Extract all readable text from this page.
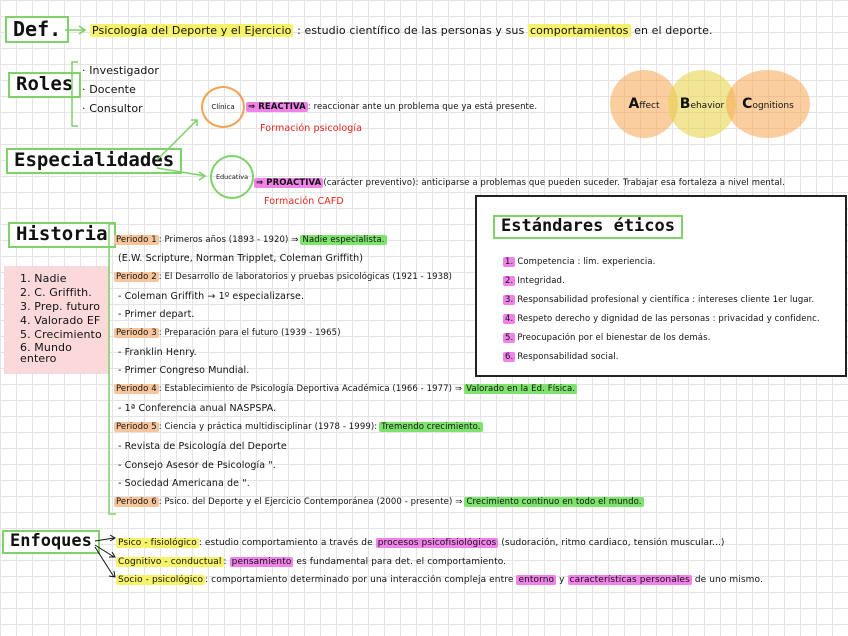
Def.	Psicología del Deporte y el Ejercicio : estudio científico de las personas y sus comportamientos en el deporte.
Roles
· Investigador
· Docente
· Consultor
Especialidades
Clínica	⇒ REACTIVA : reaccionar ante un problema que ya está presente.
Formación psicología
Educativa
⇒ PROACTIVA (carácter preventivo): anticiparse a problemas que pueden suceder. Trabajar esa fortaleza a nivel mental.
Formación CAFD
Affect Behavior Cognitions
Historia
1. Nadie
2. C. Griffith.
3. Prep. futuro
4. Valorado EF
5. Crecimiento
6. Mundo entero
Periodo 1 : Primeros años (1893 - 1920) ⇒ Nadie especialista.
(E.W. Scripture, Norman Tripplet, Coleman Griffith)
Periodo 2 : El Desarrollo de laboratorios y pruebas psicológicas (1921 - 1938)
- Coleman Griffith → 1º especializarse.
- Primer depart.
Periodo 3 : Preparación para el futuro (1939 - 1965)
- Franklin Henry.
- Primer Congreso Mundial.
Periodo 4 : Establecimiento de Psicología Deportiva Académica (1966 - 1977) ⇒ Valorado en la Ed. Física.
- 1ª Conferencia anual NASPSPA.
Periodo 5 : Ciencia y práctica multidisciplinar (1978 - 1999): Tremendo crecimiento.
- Revista de Psicología del Deporte
- Consejo Asesor de Psicología ".
- Sociedad Americana de ".
Periodo 6 : Psico. del Deporte y el Ejercicio Contemporánea (2000 - presente) ⇒ Crecimiento continuo en todo el mundo.
Estándares éticos
1. Competencia : lim. experiencia.
2. Integridad.
3. Responsabilidad profesional y científica : intereses cliente 1er lugar.
4. Respeto derecho y dignidad de las personas : privacidad y confidenc.
5. Preocupación por el bienestar de los demás.
6. Responsabilidad social.
Enfoques	Psico - fisiológico : estudio comportamiento a través de procesos psicofisiológicos (sudoración, ritmo cardiaco, tensión muscular...)
Cognitivo - conductual : pensamiento es fundamental para det. el comportamiento.
Socio - psicológico : comportamiento determinado por una interacción compleja entre entorno y características personales de uno mismo.
